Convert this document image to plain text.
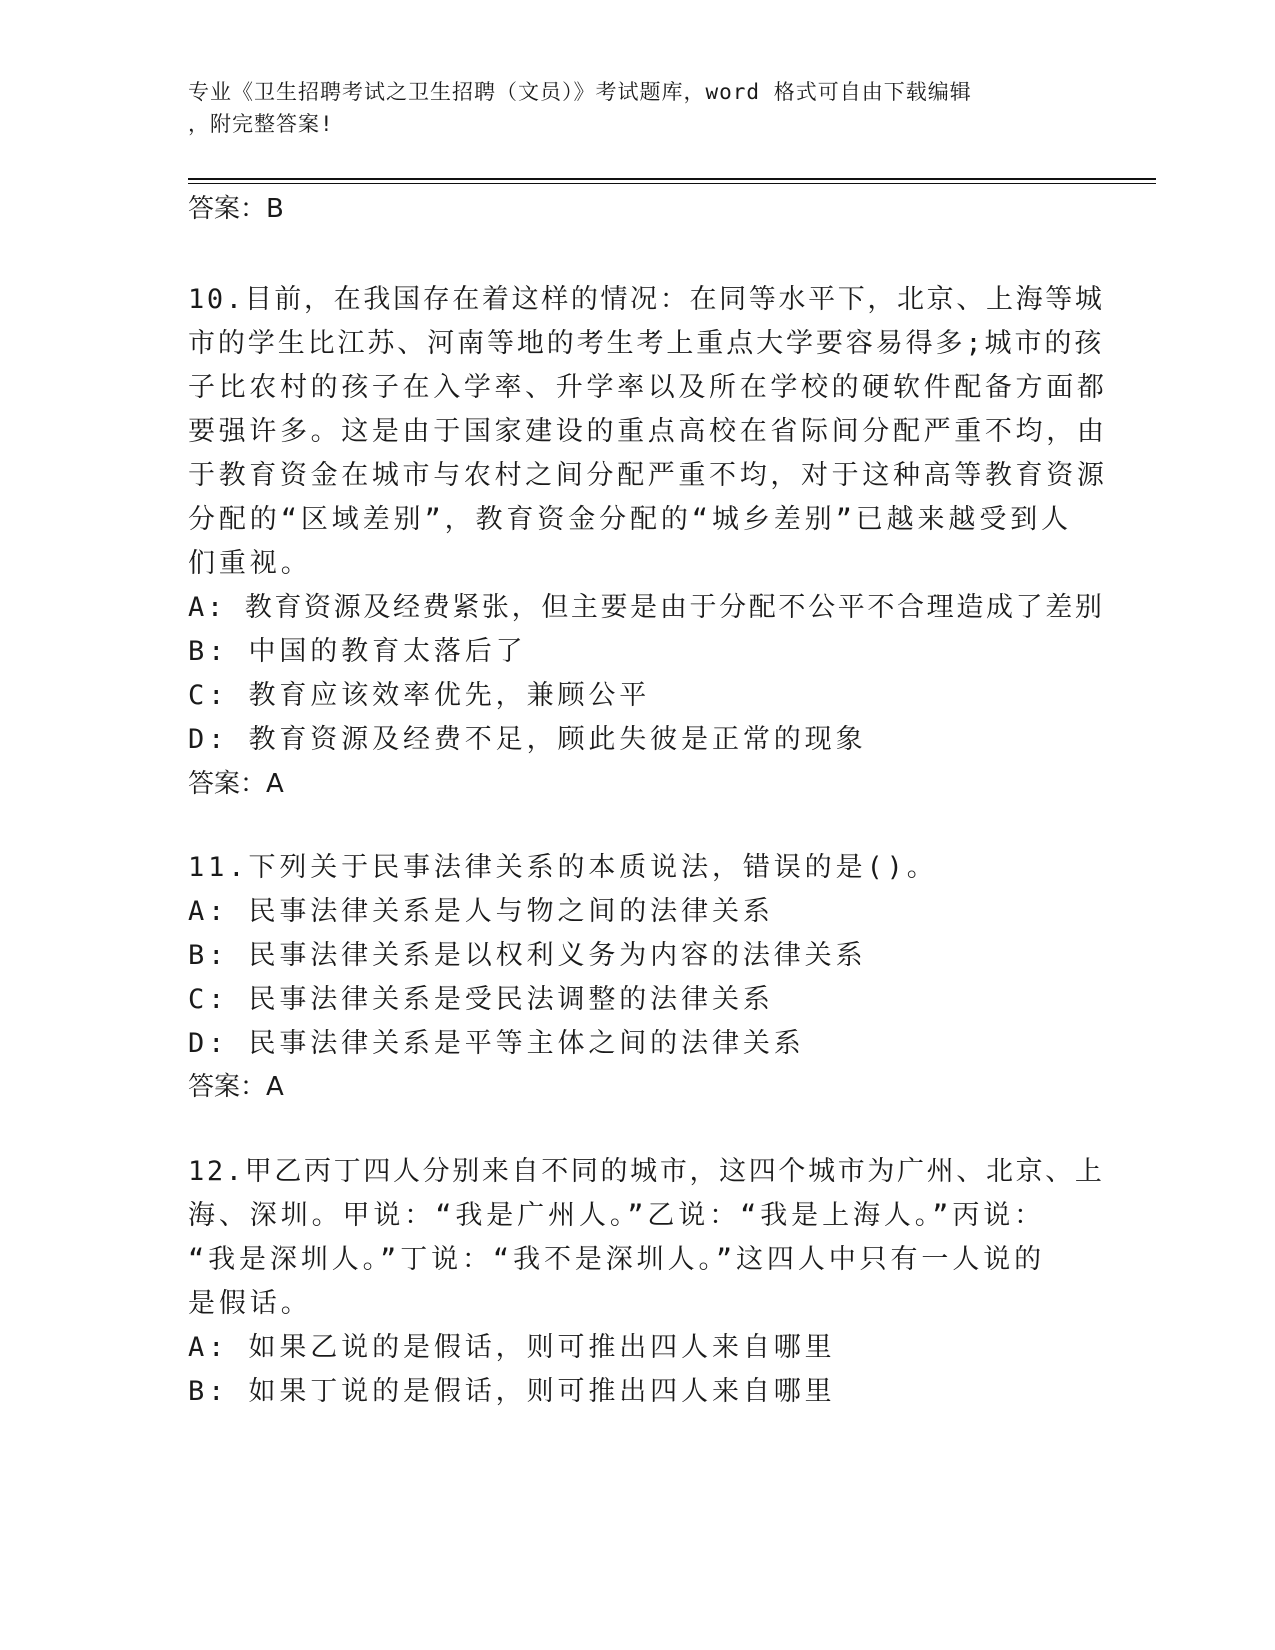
专业《卫生招聘考试之卫生招聘（文员）》考试题库，word 格式可自由下载编辑
，附完整答案!
答案：B
10.目前，在我国存在着这样的情况：在同等水平下，北京、上海等城
市的学生比江苏、河南等地的考生考上重点大学要容易得多;城市的孩
子比农村的孩子在入学率、升学率以及所在学校的硬软件配备方面都
要强许多。这是由于国家建设的重点高校在省际间分配严重不均，由
于教育资金在城市与农村之间分配严重不均，对于这种高等教育资源
分配的“区域差别”，教育资金分配的“城乡差别”已越来越受到人
们重视。
A: 教育资源及经费紧张，但主要是由于分配不公平不合理造成了差别
B: 中国的教育太落后了
C: 教育应该效率优先，兼顾公平
D: 教育资源及经费不足，顾此失彼是正常的现象
答案：A
11.下列关于民事法律关系的本质说法，错误的是()。
A: 民事法律关系是人与物之间的法律关系
B: 民事法律关系是以权利义务为内容的法律关系
C: 民事法律关系是受民法调整的法律关系
D: 民事法律关系是平等主体之间的法律关系
答案：A
12.甲乙丙丁四人分别来自不同的城市，这四个城市为广州、北京、上
海、深圳。甲说：“我是广州人。”乙说：“我是上海人。”丙说：
“我是深圳人。”丁说：“我不是深圳人。”这四人中只有一人说的
是假话。
A: 如果乙说的是假话，则可推出四人来自哪里
B: 如果丁说的是假话，则可推出四人来自哪里
